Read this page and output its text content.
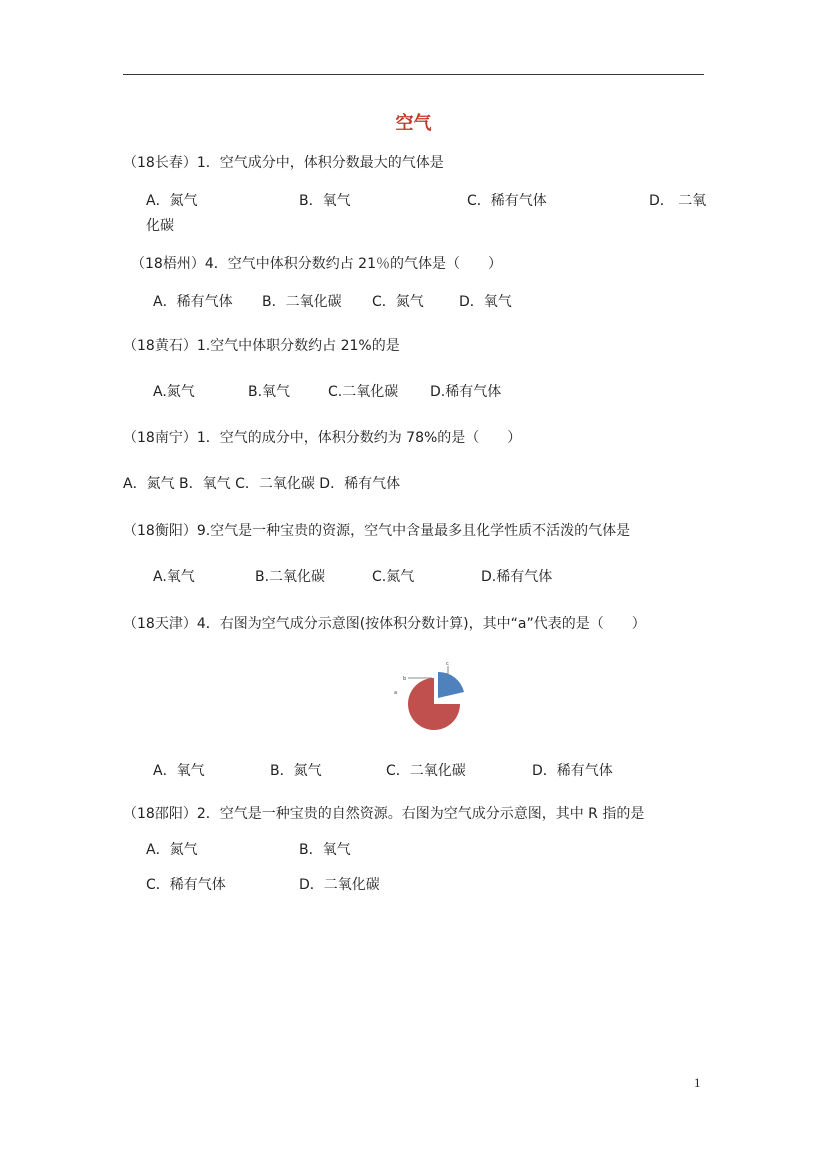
空气
（18长春）1．空气成分中，体积分数最大的气体是
A．氮气	B．氧气	C．稀有气体	D． 二氧
化碳
（18梧州）4．空气中体积分数约占 21％的气体是（　　）
A．稀有气体 B．二氧化碳 C．氮气	D．氧气
（18黄石）1.空气中体职分数约占 21%的是
A.氮气	B.氧气	C.二氧化碳 D.稀有气体
（18南宁）1．空气的成分中，体积分数约为 78%的是（　　）
A．氮气 B．氧气 C．二氧化碳 D．稀有气体
（18衡阳）9.空气是一种宝贵的资源，空气中含量最多且化学性质不活泼的气体是
A.氧气	B.二氧化碳	C.氮气	D.稀有气体
（18天津）4．右图为空气成分示意图(按体积分数计算)，其中“a”代表的是（　　）
a
b
c
A．氧气	B．氮气	C．二氧化碳	D．稀有气体
（18邵阳）2．空气是一种宝贵的自然资源。右图为空气成分示意图，其中 R 指的是
A．氮气	B．氧气
C．稀有气体	D．二氧化碳
1
